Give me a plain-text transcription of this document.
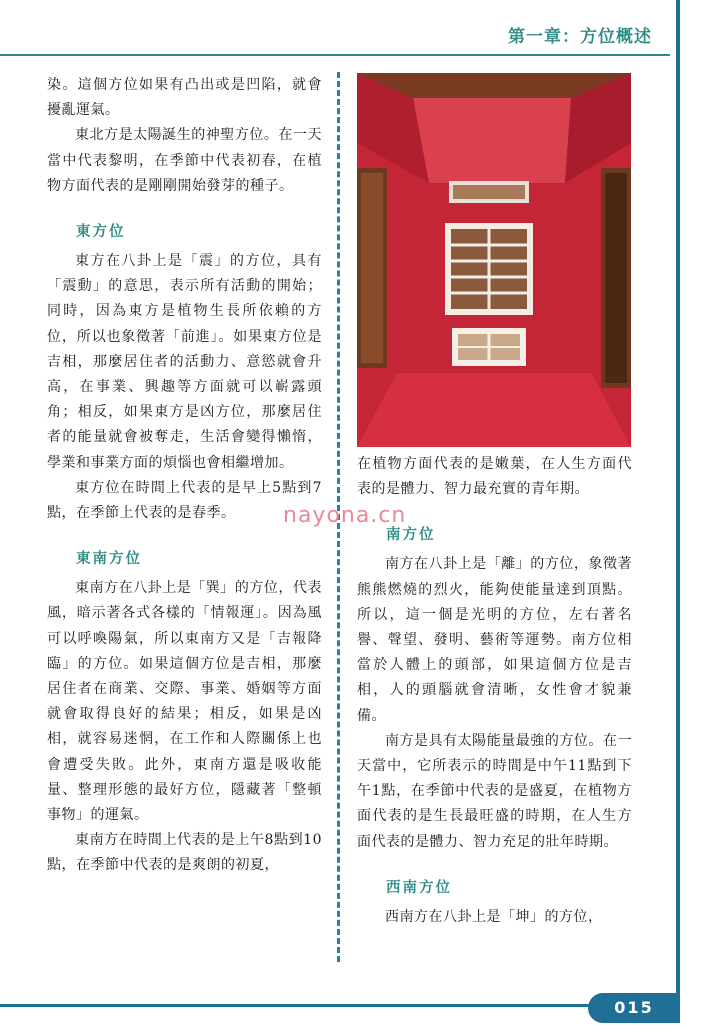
第一章：方位概述

染。這個方位如果有凸出或是凹陷，就會擾亂運氣。

東北方是太陽誕生的神聖方位。在一天當中代表黎明，在季節中代表初春，在植物方面代表的是剛剛開始發芽的種子。

東方位

東方在八卦上是「震」的方位，具有「震動」的意思，表示所有活動的開始；同時，因為東方是植物生長所依賴的方位，所以也象徵著「前進」。如果東方位是吉相，那麼居住者的活動力、意慾就會升高，在事業、興趣等方面就可以嶄露頭角；相反，如果東方是凶方位，那麼居住者的能量就會被奪走，生活會變得懶惰，學業和事業方面的煩惱也會相繼增加。

東方位在時間上代表的是早上5點到7點，在季節上代表的是春季。

東南方位

東南方在八卦上是「巽」的方位，代表風，暗示著各式各樣的「情報運」。因為風可以呼喚陽氣，所以東南方又是「吉報降臨」的方位。如果這個方位是吉相，那麼居住者在商業、交際、事業、婚姻等方面就會取得良好的結果；相反，如果是凶相，就容易迷惘，在工作和人際關係上也會遭受失敗。此外，東南方還是吸收能量、整理形態的最好方位，隱藏著「整頓事物」的運氣。

東南方在時間上代表的是上午8點到10點，在季節中代表的是爽朗的初夏，

在植物方面代表的是嫩葉，在人生方面代表的是體力、智力最充實的青年期。

南方位

南方在八卦上是「離」的方位，象徵著熊熊燃燒的烈火，能夠使能量達到頂點。所以，這一個是光明的方位，左右著名譽、聲望、發明、藝術等運勢。南方位相當於人體上的頭部，如果這個方位是吉相，人的頭腦就會清晰，女性會才貌兼備。

南方是具有太陽能量最強的方位。在一天當中，它所表示的時間是中午11點到下午1點，在季節中代表的是盛夏，在植物方面代表的是生長最旺盛的時期，在人生方面代表的是體力、智力充足的壯年時期。

西南方位

西南方在八卦上是「坤」的方位，

nayona.cn
015
